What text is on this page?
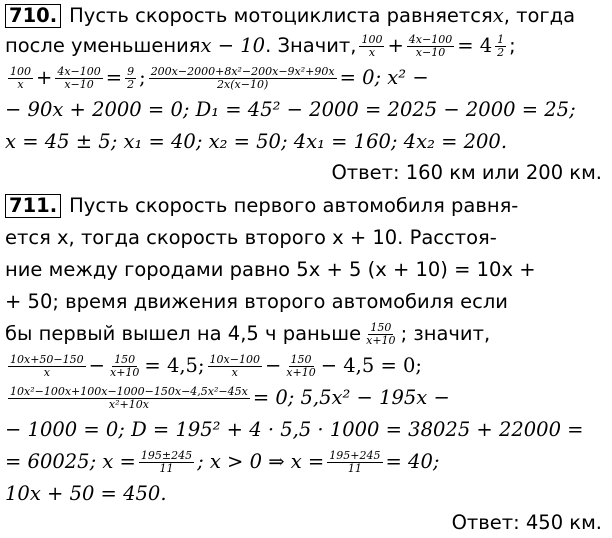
710. Пусть скорость мотоциклиста равняется x , тогда
после уменьшения x − 10 . Значит, $\frac{100}{x} + \frac{4x-100}{x-10} = 4 \frac{1}{2}$ ;
$\frac{100}{x} + \frac{4x-100}{x-10} = \frac{9}{2}$ ; $\frac{\text{200x−2000+8x²−200x−9x²+90x}}{2x(x-10)} = 0$; x² −
− 90x + 2000 = 0; D₁ = 45² − 2000 = 2025 − 2000 = 25;
x = 45 ± 5; x₁ = 40; x₂ = 50; 4x₁ = 160; 4x₂ = 200.
Ответ: 160 км или 200 км.
711. Пусть скорость первого автомобиля равня-
ется x, тогда скорость второго x + 10. Расстоя-
ние между городами равно 5x + 5 (x + 10) = 10x +
+ 50; время движения второго автомобиля если
бы первый вышел на 4,5 ч раньше $\frac{150}{x+10}$ ; значит,
$\frac{10x+50-150}{x} - \frac{150}{x+10} = 4,5$; $\frac{10x-100}{x} - \frac{150}{x+10} - 4,5 = 0$;
$\frac{\text{10x²−100x+100x−1000−150x−4,5x²−45x}}{\text{x²+10x}} = 0$; 5,5x² − 195x −
− 1000 = 0; D = 195² + 4 · 5,5 · 1000 = 38025 + 22000 =
= 60025; $x = \frac{195\pm 245}{11}$ ; x > 0 ⇒ $x = \frac{195+245}{11} = 40$;
10x + 50 = 450.
Ответ: 450 км.
